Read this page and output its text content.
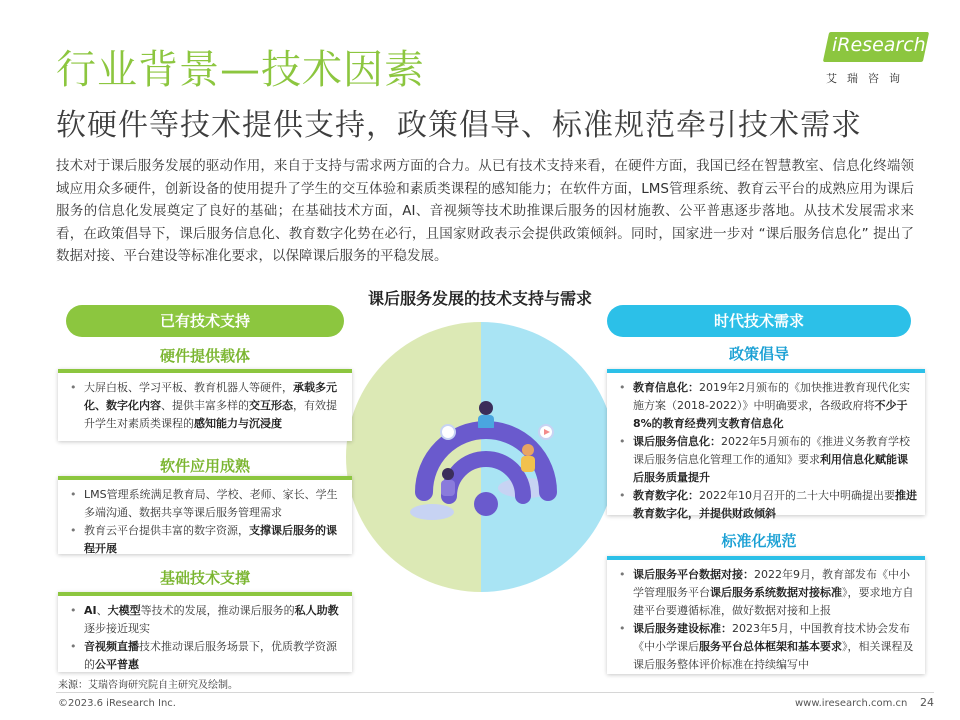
行业背景—技术因素
软硬件等技术提供支持，政策倡导、标准规范牵引技术需求
iResearch
艾瑞咨询
技术对于课后服务发展的驱动作用，来自于支持与需求两方面的合力。从已有技术支持来看，在硬件方面，我国已经在智慧教室、信息化终端领域应用众多硬件，创新设备的使用提升了学生的交互体验和素质类课程的感知能力；在软件方面，LMS管理系统、教育云平台的成熟应用为课后服务的信息化发展奠定了良好的基础；在基础技术方面，AI、音视频等技术助推课后服务的因材施教、公平普惠逐步落地。从技术发展需求来看，在政策倡导下，课后服务信息化、教育数字化势在必行，且国家财政表示会提供政策倾斜。同时，国家进一步对 “课后服务信息化” 提出了数据对接、平台建设等标准化要求，以保障课后服务的平稳发展。
课后服务发展的技术支持与需求
已有技术支持
硬件提供载体
• 大屏白板、学习平板、教育机器人等硬件，承载多元化、数字化内容、提供丰富多样的交互形态，有效提升学生对素质类课程的感知能力与沉浸度
软件应用成熟
• LMS管理系统满足教育局、学校、老师、家长、学生多端沟通、数据共享等课后服务管理需求
• 教育云平台提供丰富的数字资源，支撑课后服务的课程开展
基础技术支撑
• AI、大模型等技术的发展，推动课后服务的私人助教逐步接近现实
• 音视频直播技术推动课后服务场景下，优质教学资源的公平普惠
时代技术需求
政策倡导
• 教育信息化：2019年2月颁布的《加快推进教育现代化实施方案（2018-2022）》中明确要求，各级政府将不少于8%的教育经费列支教育信息化
• 课后服务信息化：2022年5月颁布的《推进义务教育学校课后服务信息化管理工作的通知》要求利用信息化赋能课后服务质量提升
• 教育数字化：2022年10月召开的二十大中明确提出要推进教育数字化，并提供财政倾斜
标准化规范
• 课后服务平台数据对接：2022年9月，教育部发布《中小学管理服务平台课后服务系统数据对接标准》，要求地方自建平台要遵循标准，做好数据对接和上报
• 课后服务建设标准：2023年5月，中国教育技术协会发布《中小学课后服务平台总体框架和基本要求》，相关课程及课后服务整体评价标准在持续编写中
来源：艾瑞咨询研究院自主研究及绘制。
©2023.6 iResearch Inc.	www.iresearch.com.cn 24
